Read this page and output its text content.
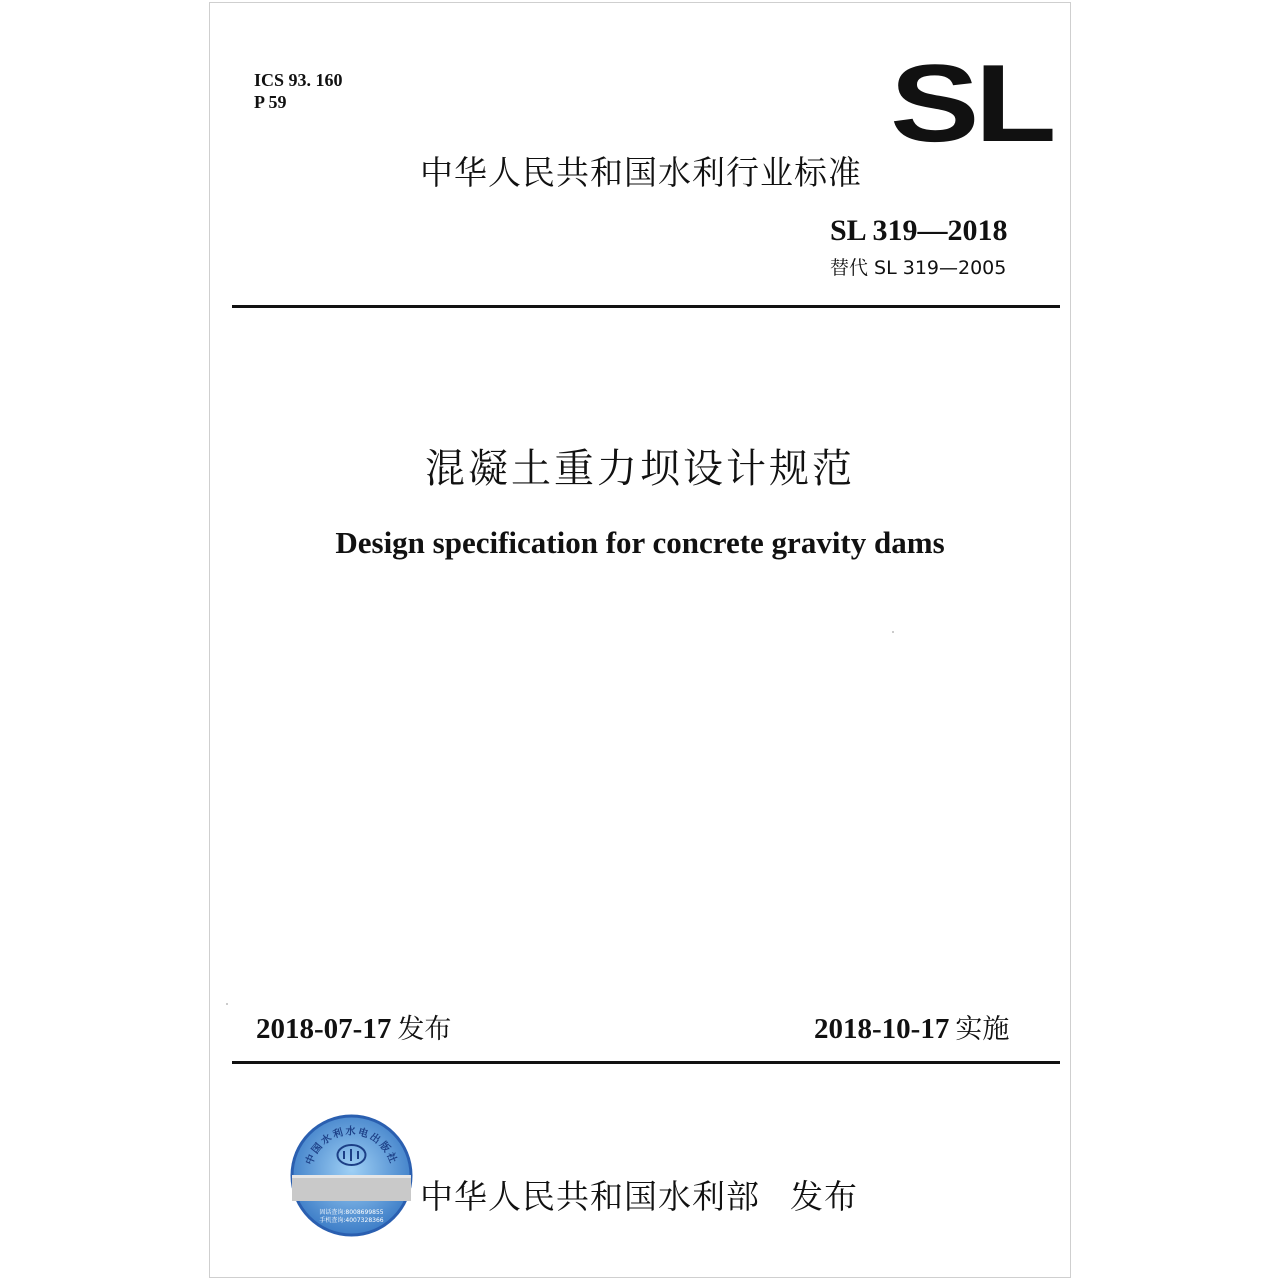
ICS 93. 160
P 59	SL
中华人民共和国水利行业标准
SL 319—2018
替代 SL 319—2005
混凝土重力坝设计规范
Design specification for concrete gravity dams
2018-07-17 发布	2018-10-17 实施
中国水利水电出版社
固话查询:8008699855
手机查询:4007328366
中华人民共和国水利部 发布
